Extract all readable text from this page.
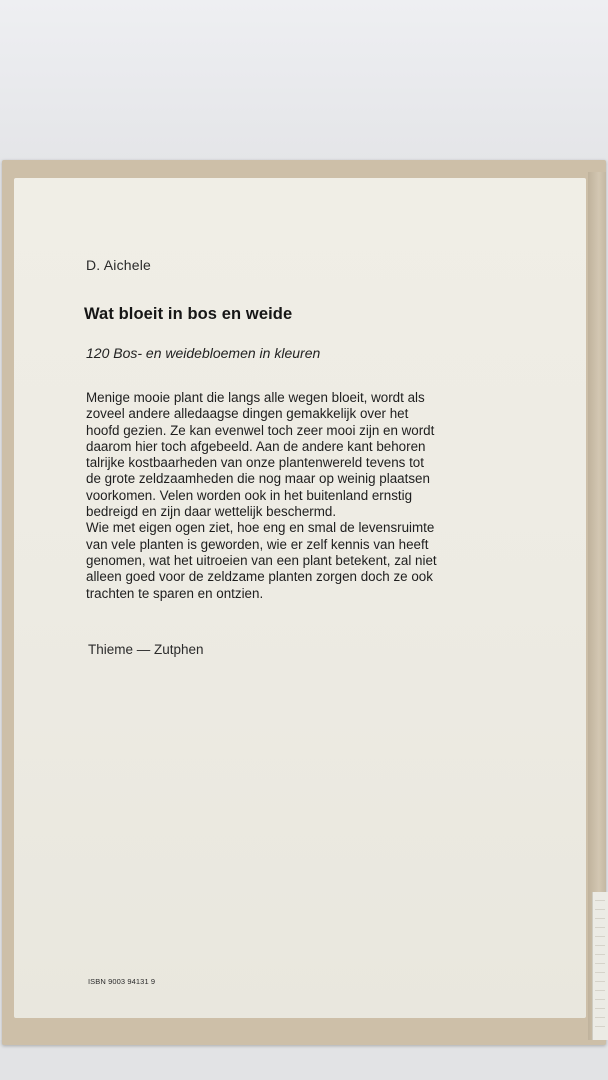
D. Aichele
Wat bloeit in bos en weide
120 Bos- en weidebloemen in kleuren
Menige mooie plant die langs alle wegen bloeit, wordt als
zoveel andere alledaagse dingen gemakkelijk over het
hoofd gezien. Ze kan evenwel toch zeer mooi zijn en wordt
daarom hier toch afgebeeld. Aan de andere kant behoren
talrijke kostbaarheden van onze plantenwereld tevens tot
de grote zeldzaamheden die nog maar op weinig plaatsen
voorkomen. Velen worden ook in het buitenland ernstig
bedreigd en zijn daar wettelijk beschermd.
Wie met eigen ogen ziet, hoe eng en smal de levensruimte
van vele planten is geworden, wie er zelf kennis van heeft
genomen, wat het uitroeien van een plant betekent, zal niet
alleen goed voor de zeldzame planten zorgen doch ze ook
trachten te sparen en ontzien.
Thieme — Zutphen
ISBN 9003 94131 9
